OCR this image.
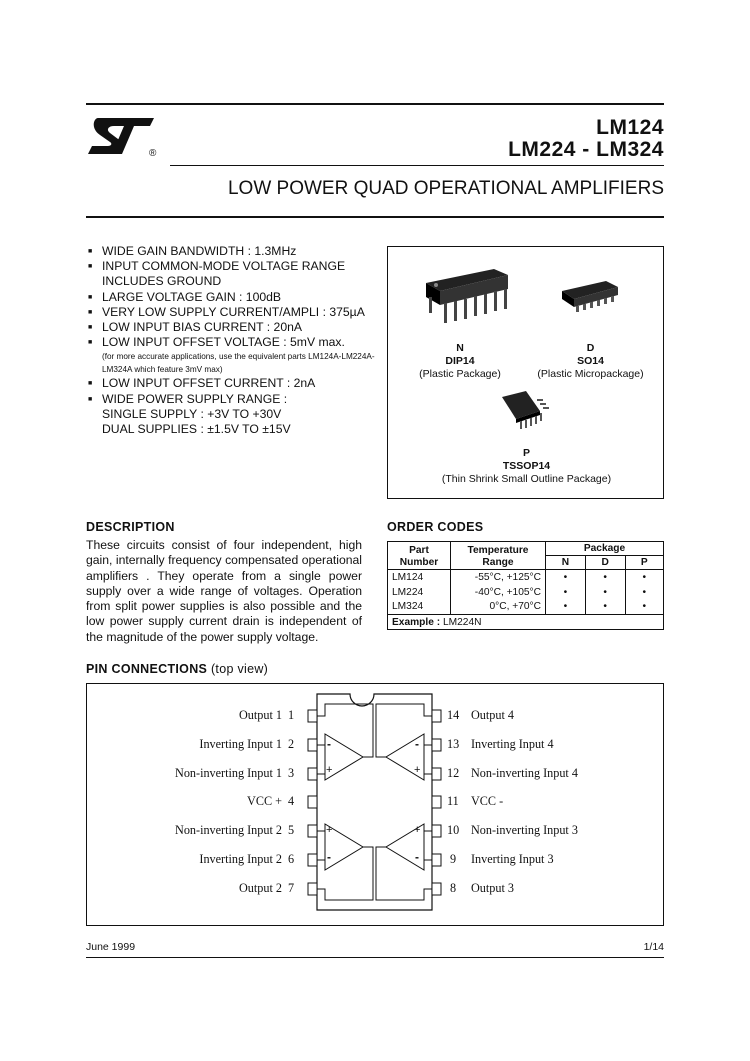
®
LM124
LM224 - LM324
LOW POWER QUAD OPERATIONAL AMPLIFIERS
■ WIDE GAIN BANDWIDTH : 1.3MHz
■ INPUT COMMON-MODE VOLTAGE RANGE INCLUDES GROUND
■ LARGE VOLTAGE GAIN : 100dB
■ VERY LOW SUPPLY CURRENT/AMPLI : 375µA
■ LOW INPUT BIAS CURRENT : 20nA
■ LOW INPUT OFFSET VOLTAGE : 5mV max.
(for more accurate applications, use the equivalent parts LM124A-LM224A-LM324A which feature 3mV max)
■ LOW INPUT OFFSET CURRENT : 2nA
■ WIDE POWER SUPPLY RANGE :
SINGLE SUPPLY : +3V TO +30V
DUAL SUPPLIES : ±1.5V TO ±15V
N
DIP14
(Plastic Package)
D
SO14
(Plastic Micropackage)
P
TSSOP14
(Thin Shrink Small Outline Package)
DESCRIPTION
These circuits consist of four independent, high gain, internally frequency compensated operational amplifiers . They operate from a single power supply over a wide range of voltages. Operation from split power supplies is also possible and the low power supply current drain is independent of the magnitude of the power supply voltage.
ORDER CODES
Part Number	Temperature Range	Package		
		N	D	P
LM124	-55°C, +125°C	•	•	•
LM224	-40°C, +105°C	•	•	•
LM324	0°C, +70°C	•	•	•
Example : LM224N				
PIN CONNECTIONS (top view)
-
+
+
-
-
+
+
-
Output 1 1
Inverting Input 1 2
Non-inverting Input 1 3
VCC + 4
Non-inverting Input 2 5
Inverting Input 2 6
Output 2 7
14 Output 4
13 Inverting Input 4
12 Non-inverting Input 4
11 VCC -
10 Non-inverting Input 3
9 Inverting Input 3
8 Output 3
June 1999	1/14
